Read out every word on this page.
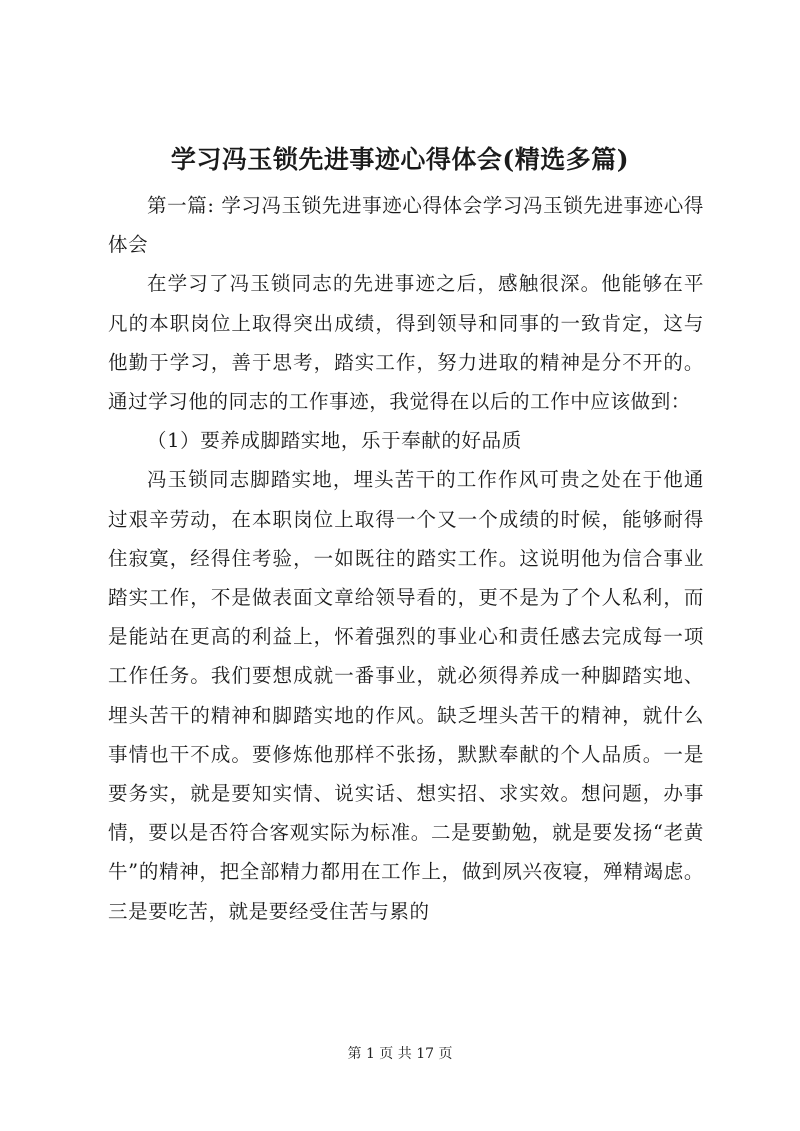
学习冯玉锁先进事迹心得体会(精选多篇)

第一篇: 学习冯玉锁先进事迹心得体会学习冯玉锁先进事迹心得体会

在学习了冯玉锁同志的先进事迹之后，感触很深。他能够在平凡的本职岗位上取得突出成绩，得到领导和同事的一致肯定，这与他勤于学习，善于思考，踏实工作，努力进取的精神是分不开的。通过学习他的同志的工作事迹，我觉得在以后的工作中应该做到：

（1）要养成脚踏实地，乐于奉献的好品质

冯玉锁同志脚踏实地，埋头苦干的工作作风可贵之处在于他通过艰辛劳动，在本职岗位上取得一个又一个成绩的时候，能够耐得住寂寞，经得住考验，一如既往的踏实工作。这说明他为信合事业踏实工作，不是做表面文章给领导看的，更不是为了个人私利，而是能站在更高的利益上，怀着强烈的事业心和责任感去完成每一项工作任务。我们要想成就一番事业，就必须得养成一种脚踏实地、埋头苦干的精神和脚踏实地的作风。缺乏埋头苦干的精神，就什么事情也干不成。要修炼他那样不张扬，默默奉献的个人品质。一是要务实，就是要知实情、说实话、想实招、求实效。想问题，办事情，要以是否符合客观实际为标准。二是要勤勉，就是要发扬“老黄牛”的精神，把全部精力都用在工作上，做到夙兴夜寝，殚精竭虑。三是要吃苦，就是要经受住苦与累的

第 1 页 共 17 页
